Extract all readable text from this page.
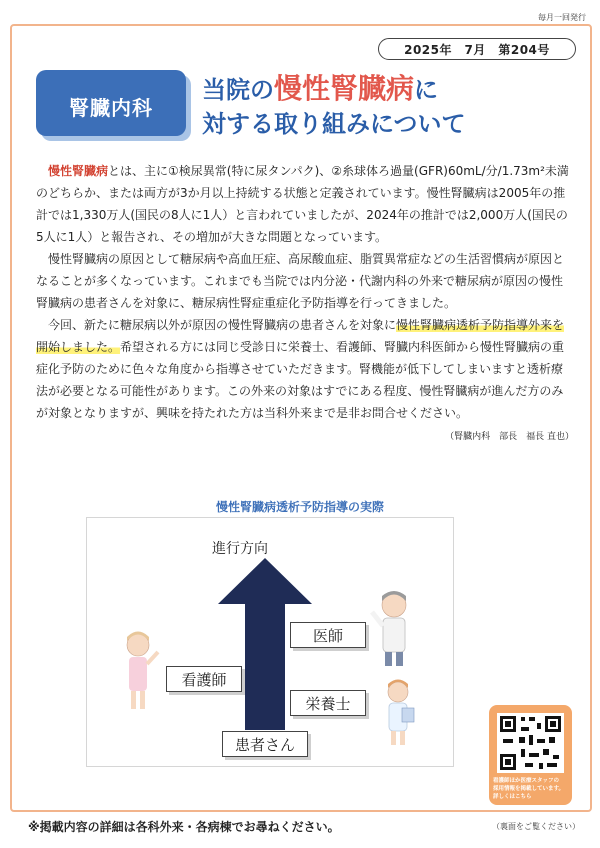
毎月一回発行
2025年　7月　第204号
腎臓内科
当院の慢性腎臓病に
対する取り組みについて

慢性腎臓病とは、主に①検尿異常(特に尿タンパク)、②糸球体ろ過量(GFR)60mL/分/1.73m²未満のどちらか、または両方が3か月以上持続する状態と定義されています。慢性腎臓病は2005年の推計では1,330万人(国民の8人に1人）と言われていましたが、2024年の推計では2,000万人(国民の5人に1人）と報告され、その増加が大きな問題となっています。

慢性腎臓病の原因として糖尿病や高血圧症、高尿酸血症、脂質異常症などの生活習慣病が原因となることが多くなっています。これまでも当院では内分泌・代謝内科の外来で糖尿病が原因の慢性腎臓病の患者さんを対象に、糖尿病性腎症重症化予防指導を行ってきました。

今回、新たに糖尿病以外が原因の慢性腎臓病の患者さんを対象に慢性腎臓病透析予防指導外来を開始しました。希望される方には同じ受診日に栄養士、看護師、腎臓内科医師から慢性腎臓病の重症化予防のために色々な角度から指導させていただきます。腎機能が低下してしまいますと透析療法が必要となる可能性があります。この外来の対象はすでにある程度、慢性腎臓病が進んだ方のみが対象となりますが、興味を持たれた方は当科外来まで是非お問合せください。

（腎臓内科　部長　福長 直也）
慢性腎臓病透析予防指導の実際
進行方向
医師
看護師
栄養士
患者さん
看護師ほか医療スタッフの
採用情報を掲載しています。
詳しくはこちら
※掲載内容の詳細は各科外来・各病棟でお尋ねください。	（裏面をご覧ください）
